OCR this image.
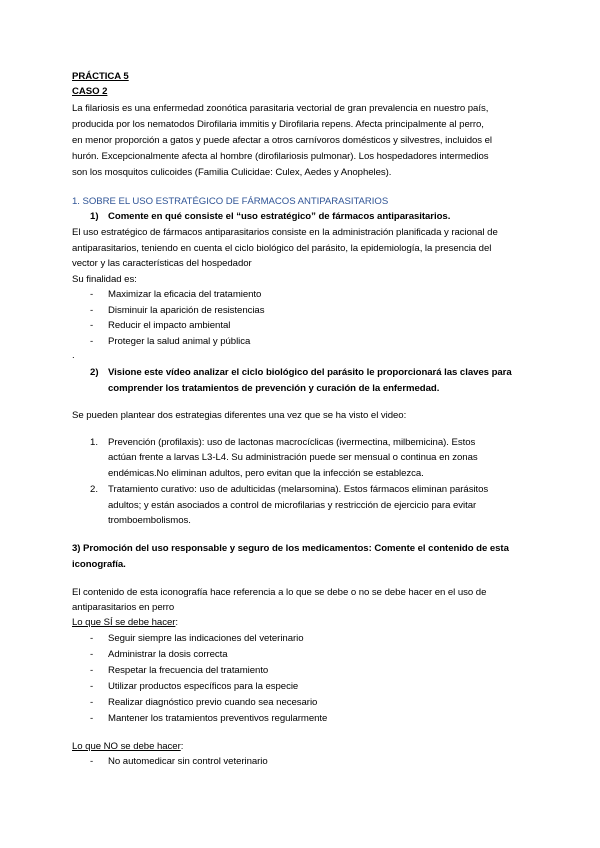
PRÁCTICA 5
CASO 2
La filariosis es una enfermedad zoonótica parasitaria vectorial de gran prevalencia en nuestro país,
producida por los nematodos Dirofilaria immitis y Dirofilaria repens. Afecta principalmente al perro,
en menor proporción a gatos y puede afectar a otros carnívoros domésticos y silvestres, incluidos el
hurón. Excepcionalmente afecta al hombre (dirofilariosis pulmonar). Los hospedadores intermedios
son los mosquitos culicoides (Familia Culicidae: Culex, Aedes y Anopheles).
1. SOBRE EL USO ESTRATÉGICO DE FÁRMACOS ANTIPARASITARIOS
1) Comente en qué consiste el “uso estratégico” de fármacos antiparasitarios.
El uso estratégico de fármacos antiparasitarios consiste en la administración planificada y racional de
antiparasitarios, teniendo en cuenta el ciclo biológico del parásito, la epidemiología, la presencia del
vector y las características del hospedador
Su finalidad es:
- Maximizar la eficacia del tratamiento
- Disminuir la aparición de resistencias
- Reducir el impacto ambiental
- Proteger la salud animal y pública
.
2) Visione este vídeo analizar el ciclo biológico del parásito le proporcionará las claves para
comprender los tratamientos de prevención y curación de la enfermedad.
Se pueden plantear dos estrategias diferentes una vez que se ha visto el video:
1. Prevención (profilaxis): uso de lactonas macrocíclicas (ivermectina, milbemicina). Estos
actúan frente a larvas L3-L4. Su administración puede ser mensual o continua en zonas
endémicas.No eliminan adultos, pero evitan que la infección se establezca.
2. Tratamiento curativo: uso de adulticidas (melarsomina). Estos fármacos eliminan parásitos
adultos; y están asociados a control de microfilarias y restricción de ejercicio para evitar
tromboembolismos.
3) Promoción del uso responsable y seguro de los medicamentos: Comente el contenido de esta
iconografía.
El contenido de esta iconografía hace referencia a lo que se debe o no se debe hacer en el uso de
antiparasitarios en perro
Lo que SÍ se debe hacer:
- Seguir siempre las indicaciones del veterinario
- Administrar la dosis correcta
- Respetar la frecuencia del tratamiento
- Utilizar productos específicos para la especie
- Realizar diagnóstico previo cuando sea necesario
- Mantener los tratamientos preventivos regularmente
Lo que NO se debe hacer:
- No automedicar sin control veterinario
